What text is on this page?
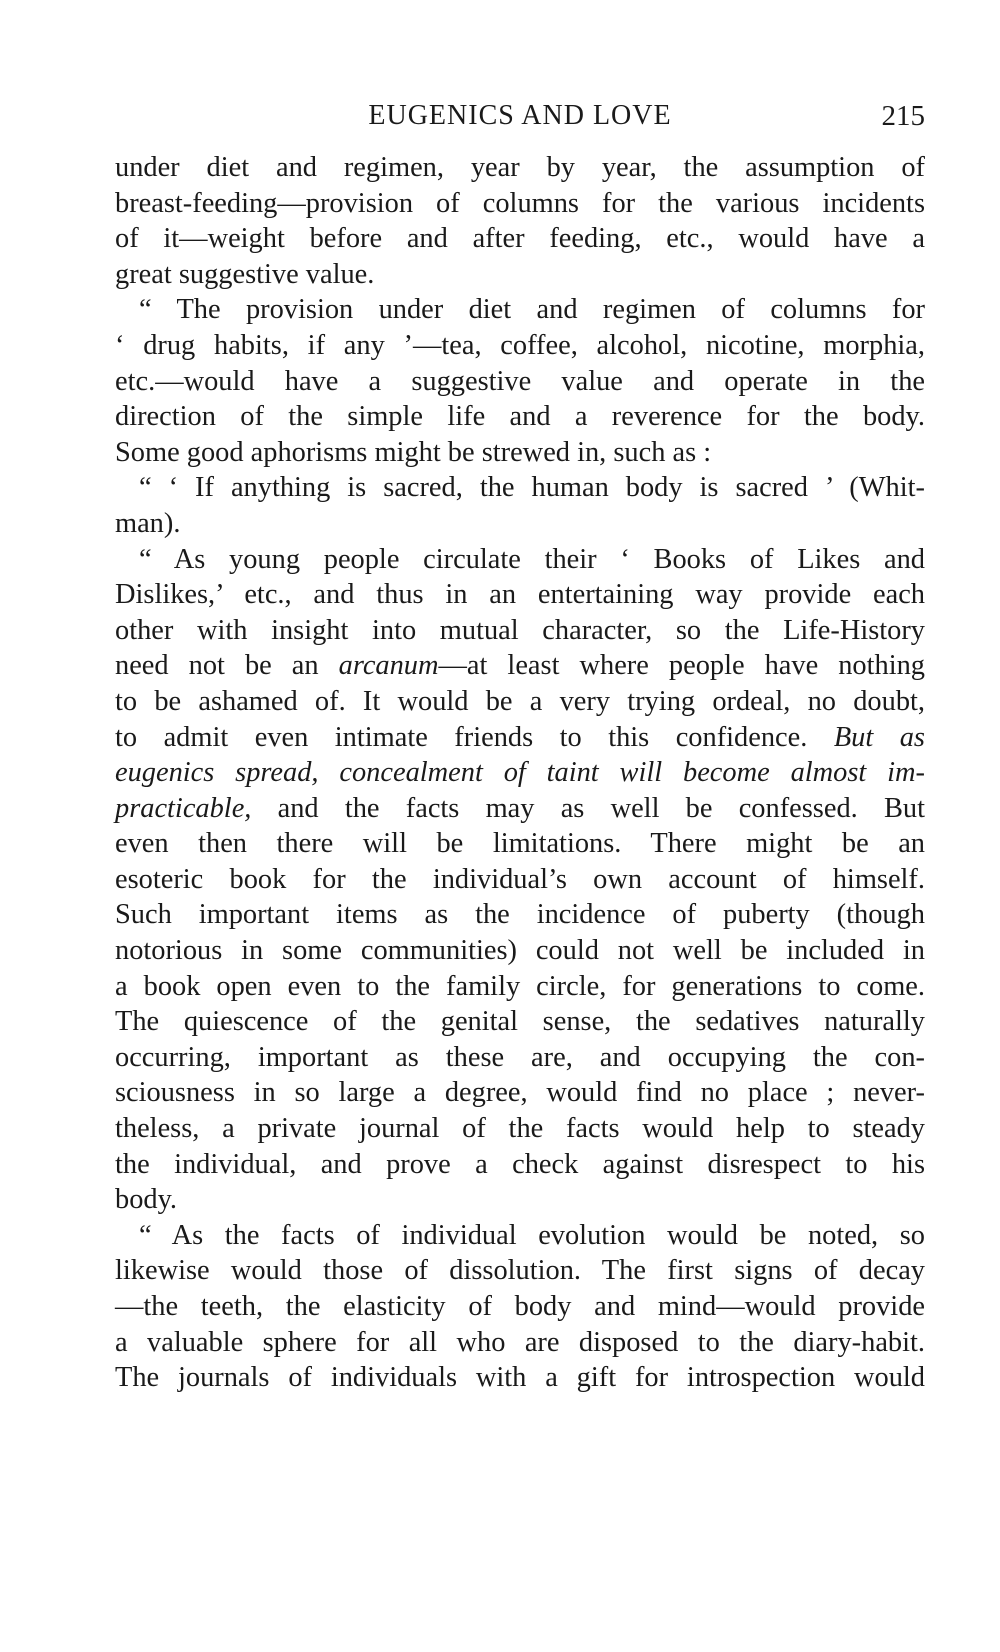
EUGENICS AND LOVE	215
under diet and regimen, year by year, the assumption of
breast-feeding—provision of columns for the various incidents
of it—weight before and after feeding, etc., would have a
great suggestive value.
“ The provision under diet and regimen of columns for
‘ drug habits, if any ’—tea, coffee, alcohol, nicotine, morphia,
etc.—would have a suggestive value and operate in the
direction of the simple life and a reverence for the body.
Some good aphorisms might be strewed in, such as :
“ ‘ If anything is sacred, the human body is sacred ’ (Whit-
man).
“ As young people circulate their ‘ Books of Likes and
Dislikes,’ etc., and thus in an entertaining way provide each
other with insight into mutual character, so the Life-History
need not be an arcanum—at least where people have nothing
to be ashamed of. It would be a very trying ordeal, no doubt,
to admit even intimate friends to this confidence. But as
eugenics spread, concealment of taint will become almost im-
practicable, and the facts may as well be confessed. But
even then there will be limitations. There might be an
esoteric book for the individual’s own account of himself.
Such important items as the incidence of puberty (though
notorious in some communities) could not well be included in
a book open even to the family circle, for generations to come.
The quiescence of the genital sense, the sedatives naturally
occurring, important as these are, and occupying the con-
sciousness in so large a degree, would find no place ; never-
theless, a private journal of the facts would help to steady
the individual, and prove a check against disrespect to his
body.
“ As the facts of individual evolution would be noted, so
likewise would those of dissolution. The first signs of decay
—the teeth, the elasticity of body and mind—would provide
a valuable sphere for all who are disposed to the diary-habit.
The journals of individuals with a gift for introspection would
